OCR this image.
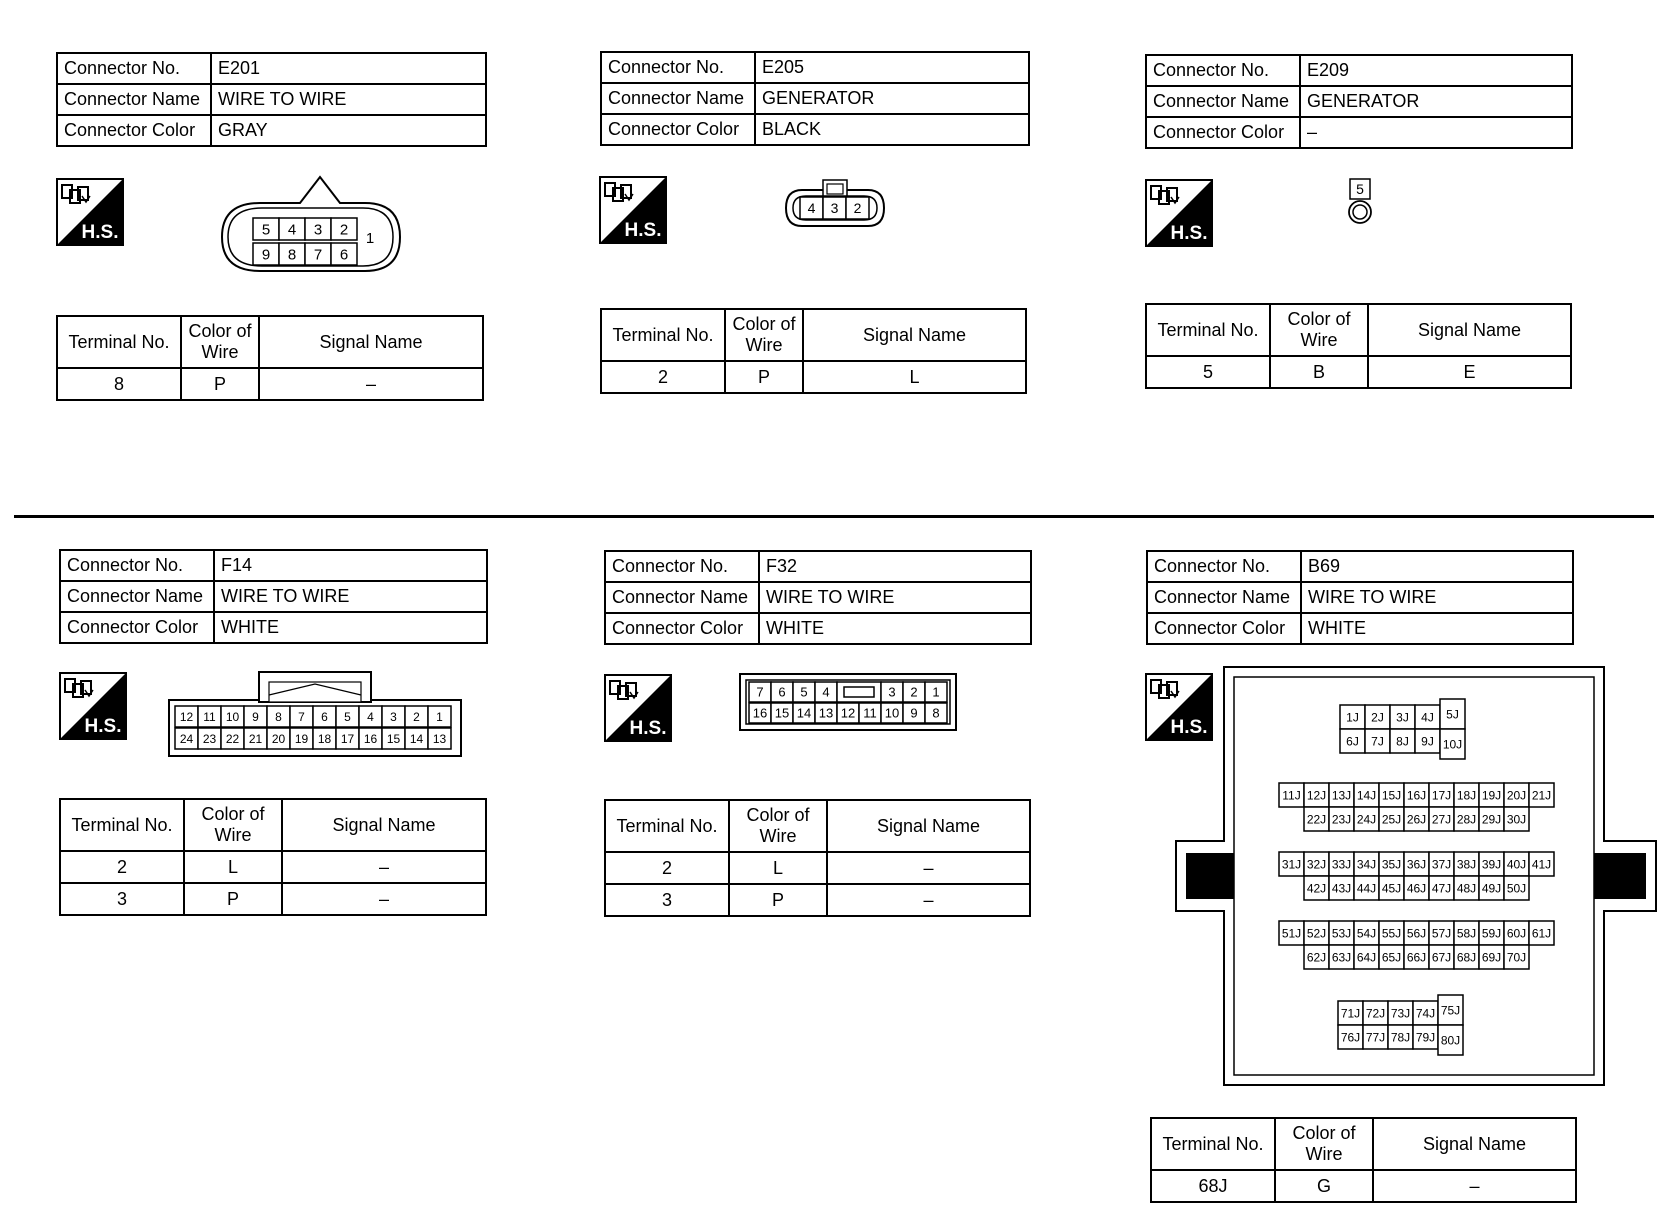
Connector No.	E201
Connector Name	WIRE TO WIRE
Connector Color	GRAY
H.S.	5 4 3 2
9 8 7 6
1
Terminal No.	Color of Wire	Signal Name
8	P	–
Connector No.	E205
Connector Name	GENERATOR
Connector Color	BLACK
H.S.
4 3 2
Terminal No.	Color of Wire	Signal Name
2	P	L
Connector No.	E209
Connector Name	GENERATOR
Connector Color	–
H.S.
5
Terminal No.	Color of Wire	Signal Name
5	B	E
Connector No.	F14
Connector Name	WIRE TO WIRE
Connector Color	WHITE
H.S.	12 11 10 9 8 7 6 5 4 3 2 1
24 23 22 21 20 19 18 17 16 15 14 13
Terminal No.	Color of Wire	Signal Name
2	L	–
3	P	–
Connector No.	F32
Connector Name	WIRE TO WIRE
Connector Color	WHITE
H.S.
7 6 5 4	3 2 1
16 15 14 13 12 11 10 9 8
Terminal No.	Color of Wire	Signal Name
2	L	–
3	P	–
Connector No.	B69
Connector Name	WIRE TO WIRE
Connector Color	WHITE
H.S.	1J 2J 3J 4J
6J 7J 8J 9J
5J
10J
11J 12J 13J 14J 15J 16J 17J 18J 19J 20J 21J
22J 23J 24J 25J 26J 27J 28J 29J 30J
31J 32J 33J 34J 35J 36J 37J 38J 39J 40J 41J
42J 43J 44J 45J 46J 47J 48J 49J 50J
51J 52J 53J 54J 55J 56J 57J 58J 59J 60J 61J
62J 63J 64J 65J 66J 67J 68J 69J 70J
71J 72J 73J 74J
76J 77J 78J 79J
75J
80J
Terminal No.	Color of Wire	Signal Name
68J	G	–
